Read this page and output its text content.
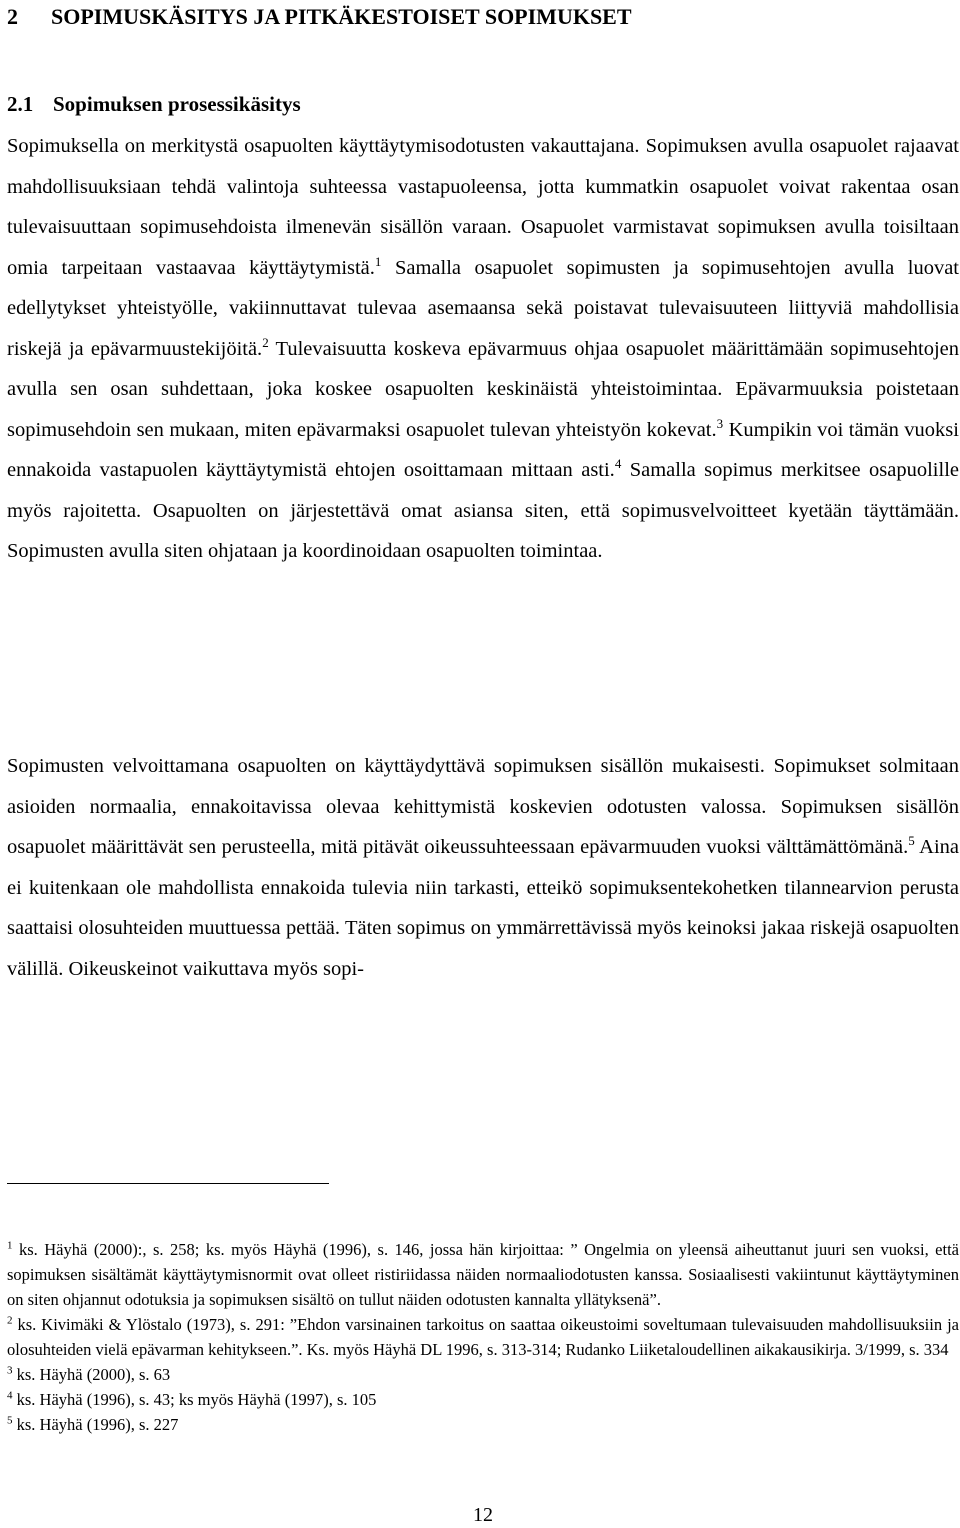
2 SOPIMUSKÄSITYS JA PITKÄKESTOISET SOPIMUKSET
2.1 Sopimuksen prosessikäsitys
Sopimuksella on merkitystä osapuolten käyttäytymisodotusten vakauttajana. Sopimuksen avulla osapuolet rajaavat mahdollisuuksiaan tehdä valintoja suhteessa vastapuoleensa, jotta kummatkin osapuolet voivat rakentaa osan tulevaisuuttaan sopimusehdoista ilmenevän sisällön varaan. Osapuolet varmistavat sopimuksen avulla toisiltaan omia tarpeitaan vastaavaa käyttäytymistä.$^1$ Samalla osapuolet sopimusten ja sopimusehtojen avulla luovat edellytykset yhteistyölle, vakiinnuttavat tulevaa asemaansa sekä poistavat tulevaisuuteen liittyviä mahdollisia riskejä ja epävarmuustekijöitä.$^2$ Tulevaisuutta koskeva epävarmuus ohjaa osapuolet määrittämään sopimusehtojen avulla sen osan suhdettaan, joka koskee osapuolten keskinäistä yhteistoimintaa. Epävarmuuksia poistetaan sopimusehdoin sen mukaan, miten epävarmaksi osapuolet tulevan yhteistyön kokevat.$^3$ Kumpikin voi tämän vuoksi ennakoida vastapuolen käyttäytymistä ehtojen osoittamaan mittaan asti.$^4$ Samalla sopimus merkitsee osapuolille myös rajoitetta. Osapuolten on järjestettävä omat asiansa siten, että sopimusvelvoitteet kyetään täyttämään. Sopimusten avulla siten ohjataan ja koordinoidaan osapuolten toimintaa.
Sopimusten velvoittamana osapuolten on käyttäydyttävä sopimuksen sisällön mukaisesti. Sopimukset solmitaan asioiden normaalia, ennakoitavissa olevaa kehittymistä koskevien odotusten valossa. Sopimuksen sisällön osapuolet määrittävät sen perusteella, mitä pitävät oikeussuhteessaan epävarmuuden vuoksi välttämättömänä.$^5$ Aina ei kuitenkaan ole mahdollista ennakoida tulevia niin tarkasti, etteikö sopimuksentekohetken tilannearvion perusta saattaisi olosuhteiden muuttuessa pettää. Täten sopimus on ymmärrettävissä myös keinoksi jakaa riskejä osapuolten välillä. Oikeuskeinot vaikuttava myös sopi-

$^1$ ks. Häyhä (2000):, s. 258; ks. myös Häyhä (1996), s. 146, jossa hän kirjoittaa: ” Ongelmia on yleensä aiheuttanut juuri sen vuoksi, että sopimuksen sisältämät käyttäytymisnormit ovat olleet ristiriidassa näiden normaaliodotusten kanssa. Sosiaalisesti vakiintunut käyttäytyminen on siten ohjannut odotuksia ja sopimuksen sisältö on tullut näiden odotusten kannalta yllätyksenä”.

$^2$ ks. Kivimäki & Ylöstalo (1973), s. 291: ”Ehdon varsinainen tarkoitus on saattaa oikeustoimi soveltumaan tulevaisuuden mahdollisuuksiin ja olosuhteiden vielä epävarman kehitykseen.”. Ks. myös Häyhä DL 1996, s. 313-314; Rudanko Liiketaloudellinen aikakausikirja. 3/1999, s. 334

$^3$ ks. Häyhä (2000), s. 63

$^4$ ks. Häyhä (1996), s. 43; ks myös Häyhä (1997), s. 105

$^5$ ks. Häyhä (1996), s. 227

12
